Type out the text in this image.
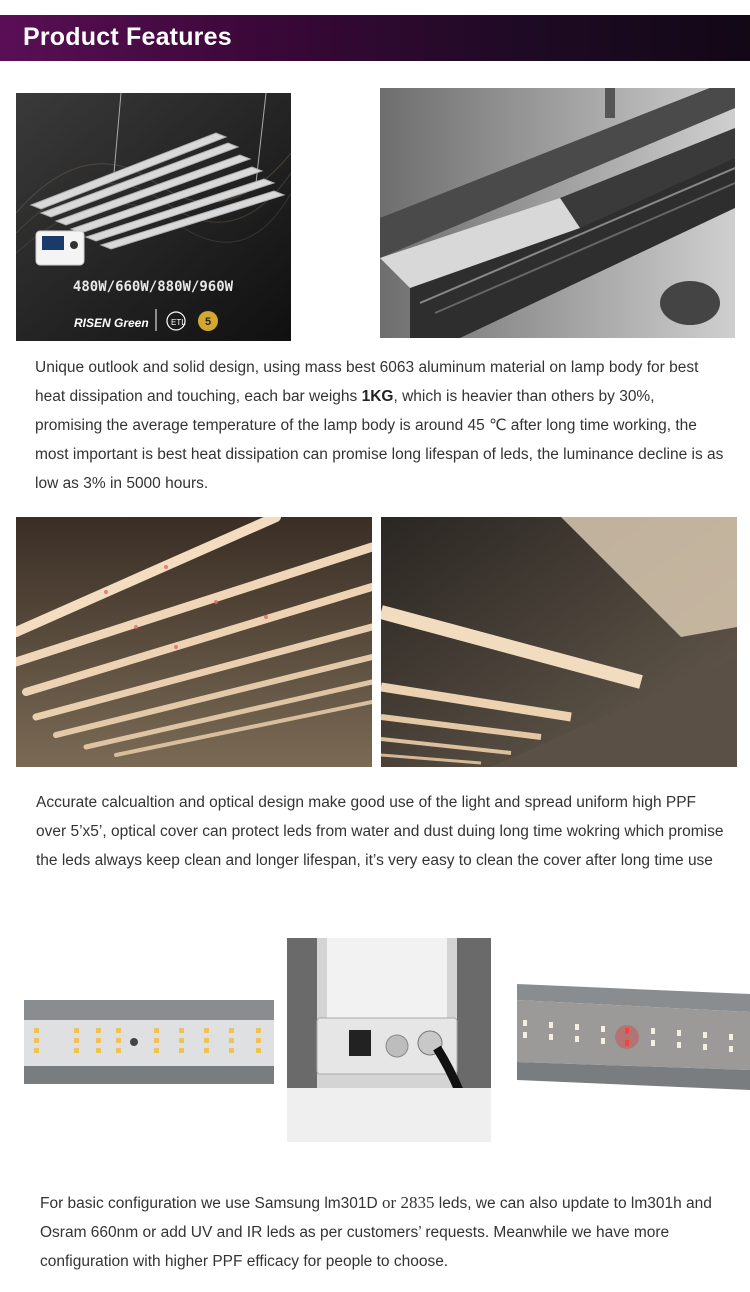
Product Features
480W/660W/880W/960W
RISEN Green	ETL 5
Unique outlook and solid design, using mass best 6063 aluminum material on lamp body for best heat dissipation and touching, each bar weighs 1KG, which is heavier than others by 30%, promising the average temperature of the lamp body is around 45 ℃ after long time working, the most important is best heat dissipation can promise long lifespan of leds, the luminance decline is as low as 3% in 5000 hours.
Accurate calcualtion and optical design make good use of the light and spread uniform high PPF over 5’x5’, optical cover can protect leds from water and dust duing long time wokring which promise the leds always keep clean and longer lifespan, it’s very easy to clean the cover after long time use
For basic configuration we use Samsung lm301D or 2835 leds, we can also update to lm301h and Osram 660nm or add UV and IR leds as per customers’ requests. Meanwhile we have more configuration with higher PPF efficacy for people to choose.
